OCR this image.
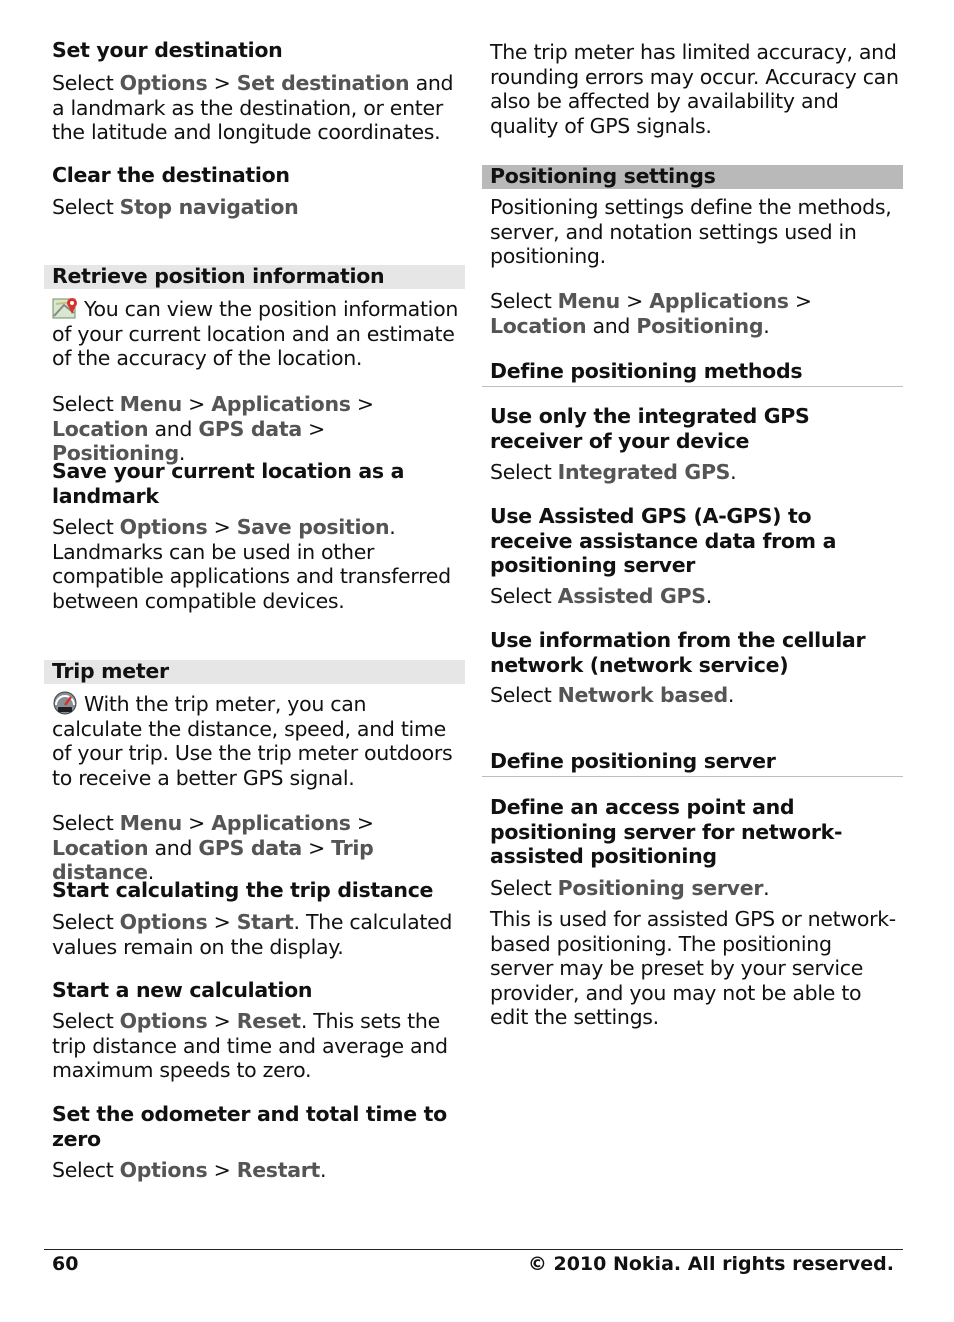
Set your destination
Select Options > Set destination and a landmark as the destination, or enter the latitude and longitude coordinates.
Clear the destination
Select Stop navigation
Retrieve position information
You can view the position information of your current location and an estimate of the accuracy of the location.
Select Menu > Applications > Location and GPS data > Positioning.
Save your current location as a landmark
Select Options > Save position. Landmarks can be used in other compatible applications and transferred between compatible devices.
Trip meter
With the trip meter, you can calculate the distance, speed, and time of your trip. Use the trip meter outdoors to receive a better GPS signal.
Select Menu > Applications > Location and GPS data > Trip distance.
Start calculating the trip distance
Select Options > Start. The calculated values remain on the display.
Start a new calculation
Select Options > Reset. This sets the trip distance and time and average and maximum speeds to zero.
Set the odometer and total time to zero
Select Options > Restart.
The trip meter has limited accuracy, and rounding errors may occur. Accuracy can also be affected by availability and quality of GPS signals.
Positioning settings
Positioning settings define the methods, server, and notation settings used in positioning.
Select Menu > Applications > Location and Positioning.
Define positioning methods
Use only the integrated GPS receiver of your device
Select Integrated GPS.
Use Assisted GPS (A-GPS) to receive assistance data from a positioning server
Select Assisted GPS.
Use information from the cellular network (network service)
Select Network based.
Define positioning server
Define an access point and positioning server for network-assisted positioning
Select Positioning server.
This is used for assisted GPS or network-based positioning. The positioning server may be preset by your service provider, and you may not be able to edit the settings.
60	© 2010 Nokia. All rights reserved.
